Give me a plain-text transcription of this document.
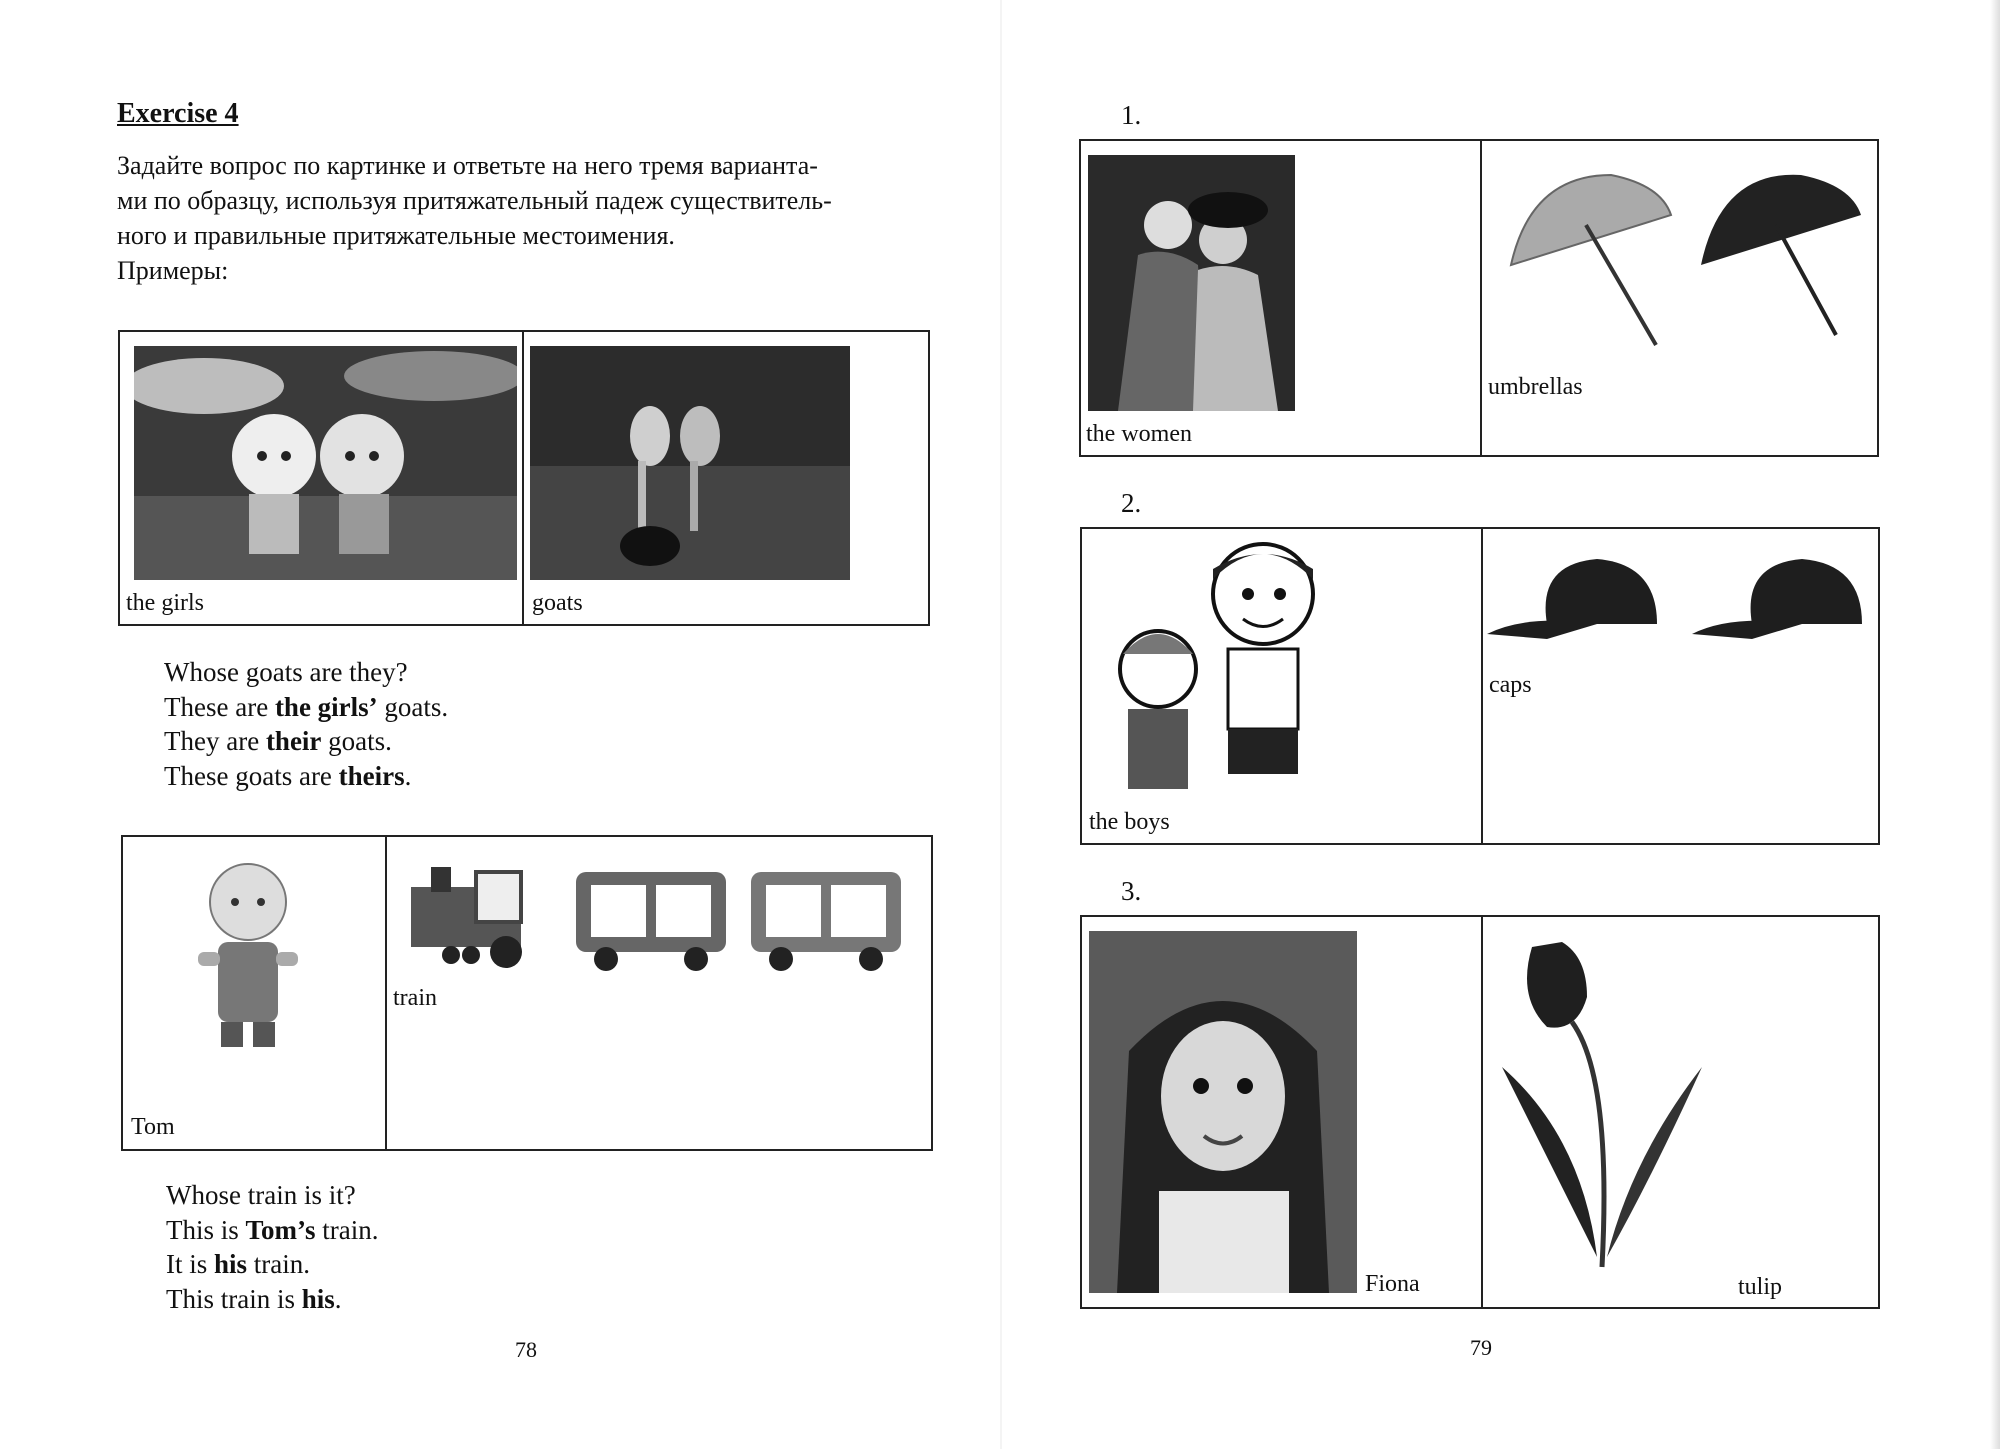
Exercise 4
Задайте вопрос по картинке и ответьте на него тремя варианта-
ми по образцу, используя притяжательный падеж существитель-
ного и правильные притяжательные местоимения.
Примеры:
the girls	goats
Whose goats are they?
These are the girls’ goats.
They are their goats.
These goats are theirs.
Tom
train
Whose train is it?
This is Tom’s train.
It is his train.
This train is his.
78
1.
the women
umbrellas
2.
the boys
caps
3.
Fiona	tulip
79
